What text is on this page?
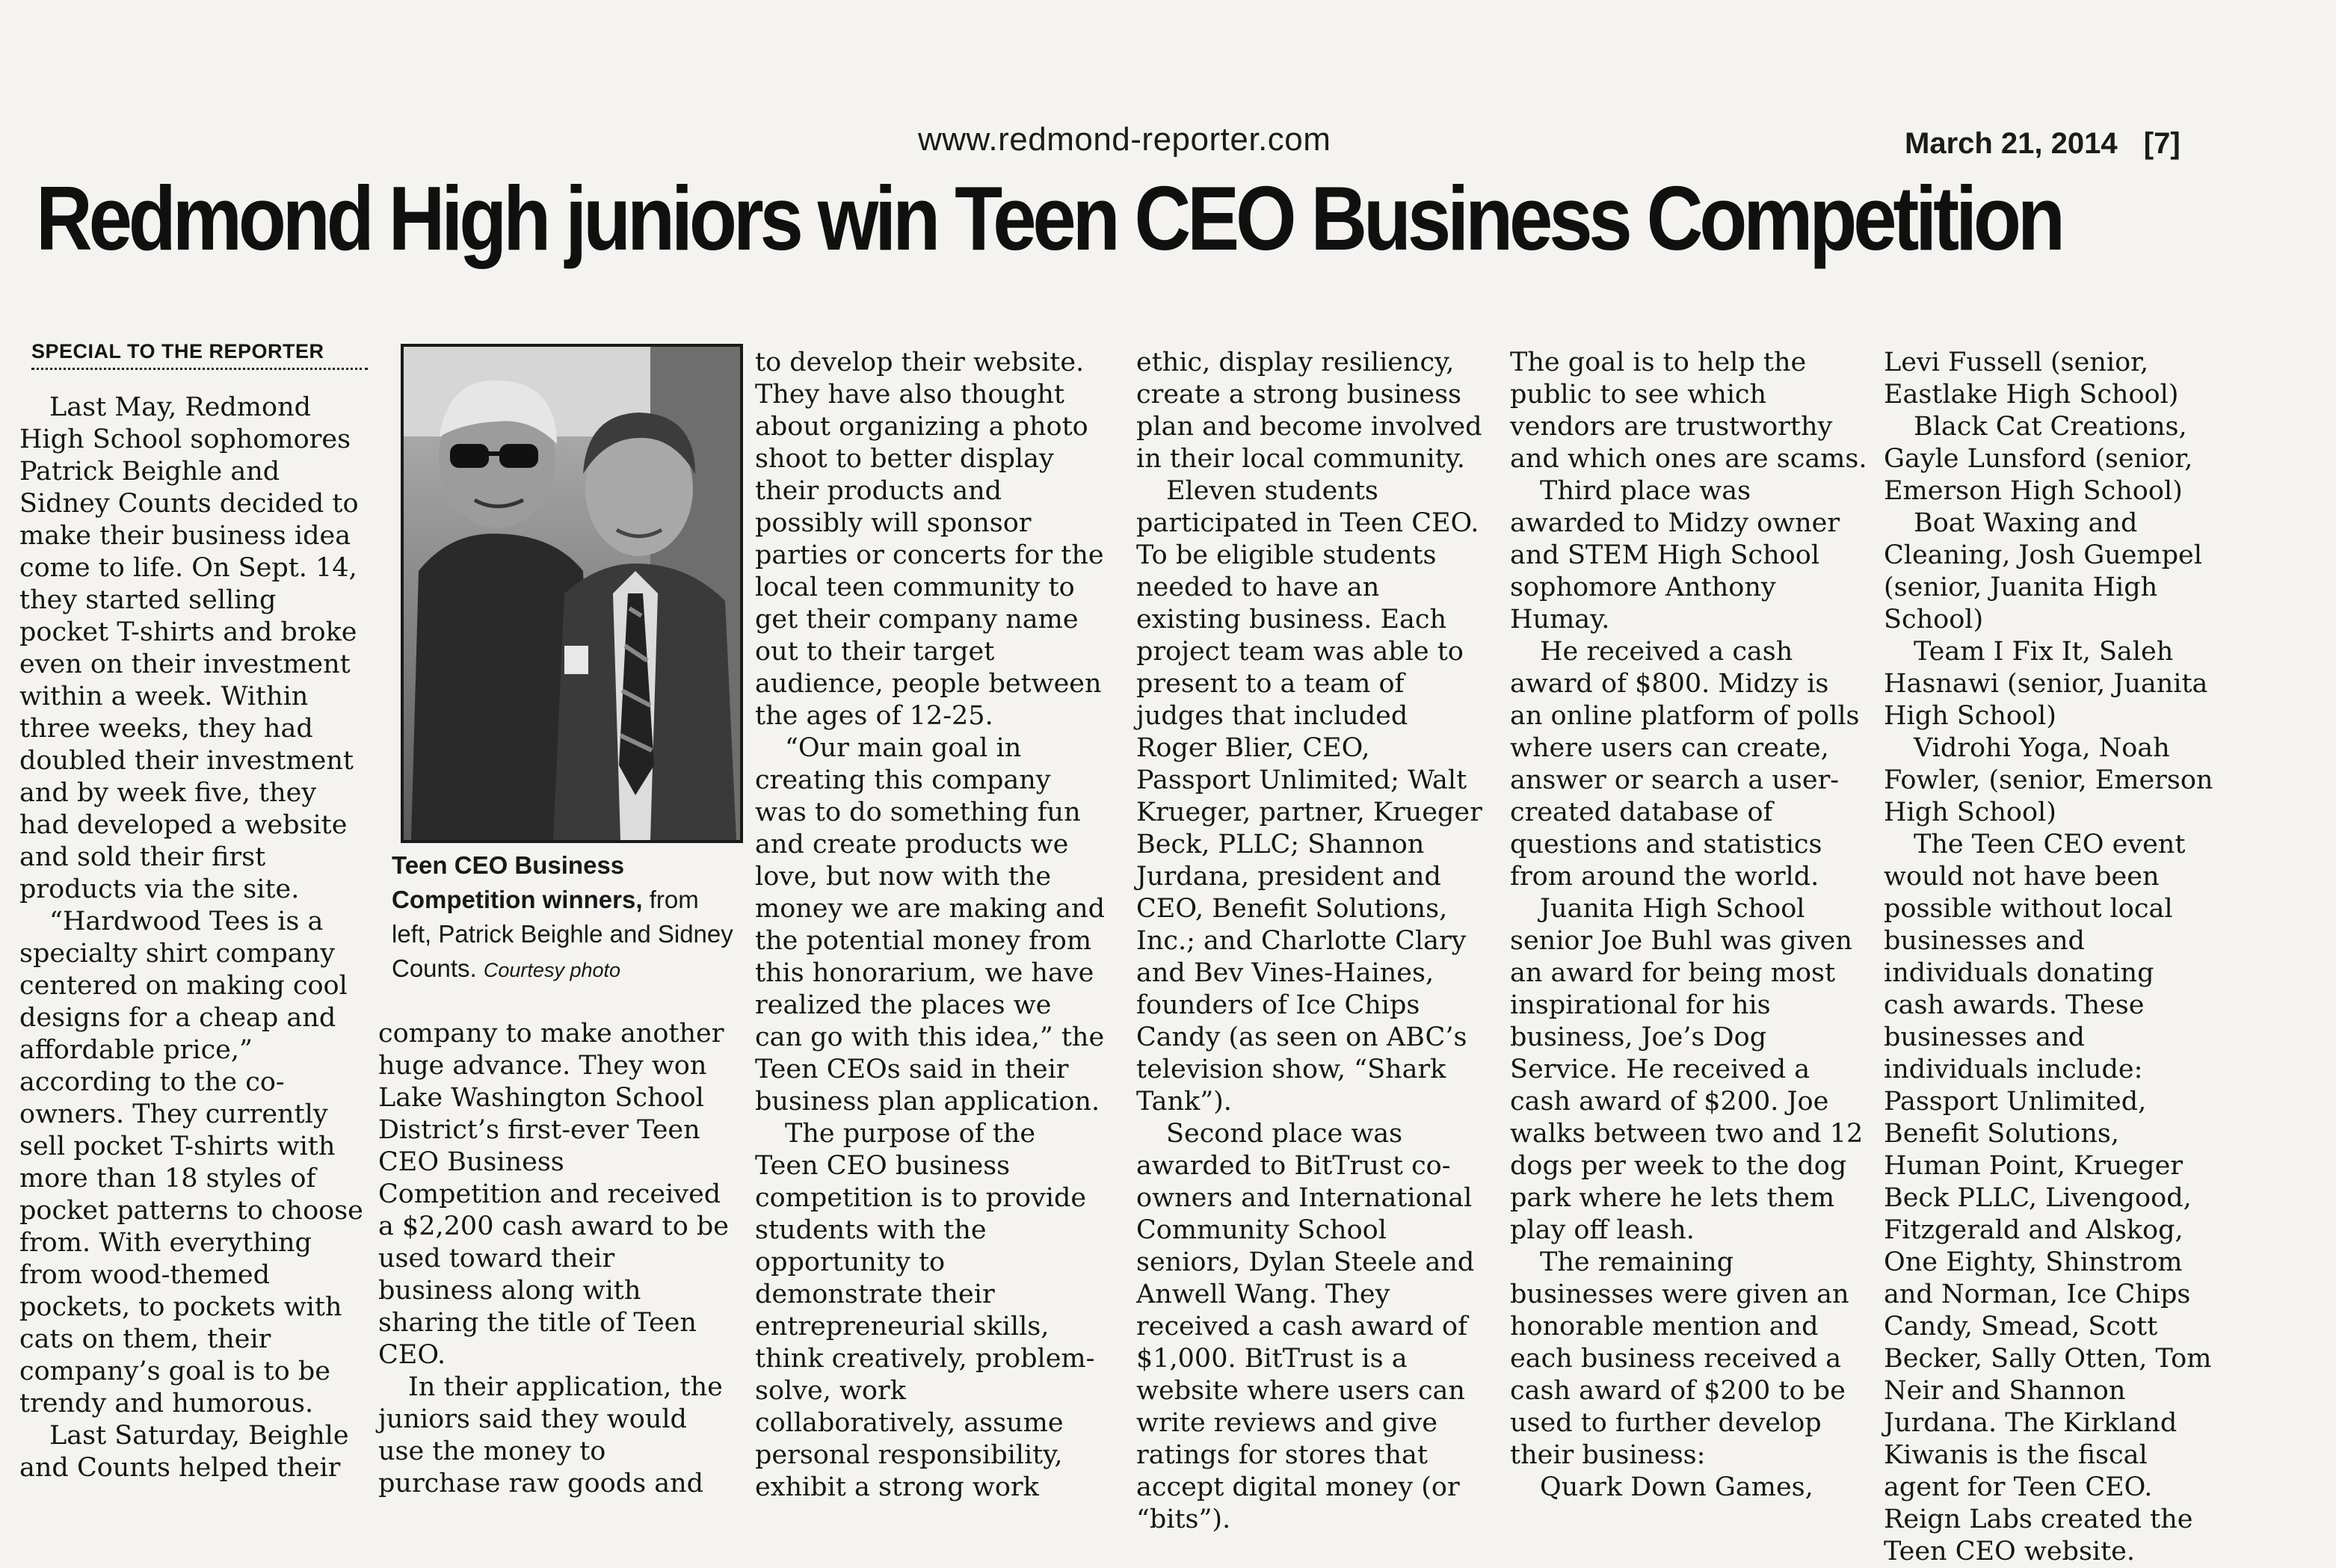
www.redmond-reporter.com	March 21, 2014 [7]
Redmond High juniors win Teen CEO Business Competition
SPECIAL TO THE REPORTER

Last May, Redmond High School sophomores Patrick Beighle and Sidney Counts decided to make their business idea come to life. On Sept. 14, they started selling pocket T-shirts and broke even on their investment within a week. Within three weeks, they had doubled their investment and by week five, they had developed a website and sold their first products via the site.

“Hardwood Tees is a specialty shirt company centered on making cool designs for a cheap and affordable price,” according to the co-owners. They currently sell pocket T-shirts with more than 18 styles of pocket patterns to choose from. With everything from wood-themed pockets, to pockets with cats on them, their company’s goal is to be trendy and humorous.

Last Saturday, Beighle and Counts helped their

Teen CEO Business Competition winners, from left, Patrick Beighle and Sidney Counts. Courtesy photo

company to make another huge advance. They won Lake Washington School District’s first-ever Teen CEO Business Competition and received a $2,200 cash award to be used toward their business along with sharing the title of Teen CEO.

In their application, the juniors said they would use the money to purchase raw goods and

to develop their website. They have also thought about organizing a photo shoot to better display their products and possibly will sponsor parties or concerts for the local teen community to get their company name out to their target audience, people between the ages of 12-25.

“Our main goal in creating this company was to do something fun and create products we love, but now with the money we are making and the potential money from this honorarium, we have realized the places we can go with this idea,” the Teen CEOs said in their business plan application.

The purpose of the Teen CEO business competition is to provide students with the opportunity to demonstrate their entrepreneurial skills, think creatively, problem-solve, work collaboratively, assume personal responsibility, exhibit a strong work

ethic, display resiliency, create a strong business plan and become involved in their local community.

Eleven students participated in Teen CEO. To be eligible students needed to have an existing business. Each project team was able to present to a team of judges that included Roger Blier, CEO, Passport Unlimited; Walt Krueger, partner, Krueger Beck, PLLC; Shannon Jurdana, president and CEO, Benefit Solutions, Inc.; and Charlotte Clary and Bev Vines-Haines, founders of Ice Chips Candy (as seen on ABC’s television show, “Shark Tank”).

Second place was awarded to BitTrust co-owners and International Community School seniors, Dylan Steele and Anwell Wang. They received a cash award of $1,000. BitTrust is a website where users can write reviews and give ratings for stores that accept digital money (or “bits”).

The goal is to help the public to see which vendors are trustworthy and which ones are scams.

Third place was awarded to Midzy owner and STEM High School sophomore Anthony Humay.

He received a cash award of $800. Midzy is an online platform of polls where users can create, answer or search a user-created database of questions and statistics from around the world.

Juanita High School senior Joe Buhl was given an award for being most inspirational for his business, Joe’s Dog Service. He received a cash award of $200. Joe walks between two and 12 dogs per week to the dog park where he lets them play off leash.

The remaining businesses were given an honorable mention and each business received a cash award of $200 to be used to further develop their business:

Quark Down Games,

Levi Fussell (senior, Eastlake High School)

Black Cat Creations, Gayle Lunsford (senior, Emerson High School)

Boat Waxing and Cleaning, Josh Guempel (senior, Juanita High School)

Team I Fix It, Saleh Hasnawi (senior, Juanita High School)

Vidrohi Yoga, Noah Fowler, (senior, Emerson High School)

The Teen CEO event would not have been possible without local businesses and individuals donating cash awards. These businesses and individuals include: Passport Unlimited, Benefit Solutions, Human Point, Krueger Beck PLLC, Livengood, Fitzgerald and Alskog, One Eighty, Shinstrom and Norman, Ice Chips Candy, Smead, Scott Becker, Sally Otten, Tom Neir and Shannon Jurdana. The Kirkland Kiwanis is the fiscal agent for Teen CEO. Reign Labs created the Teen CEO website.
